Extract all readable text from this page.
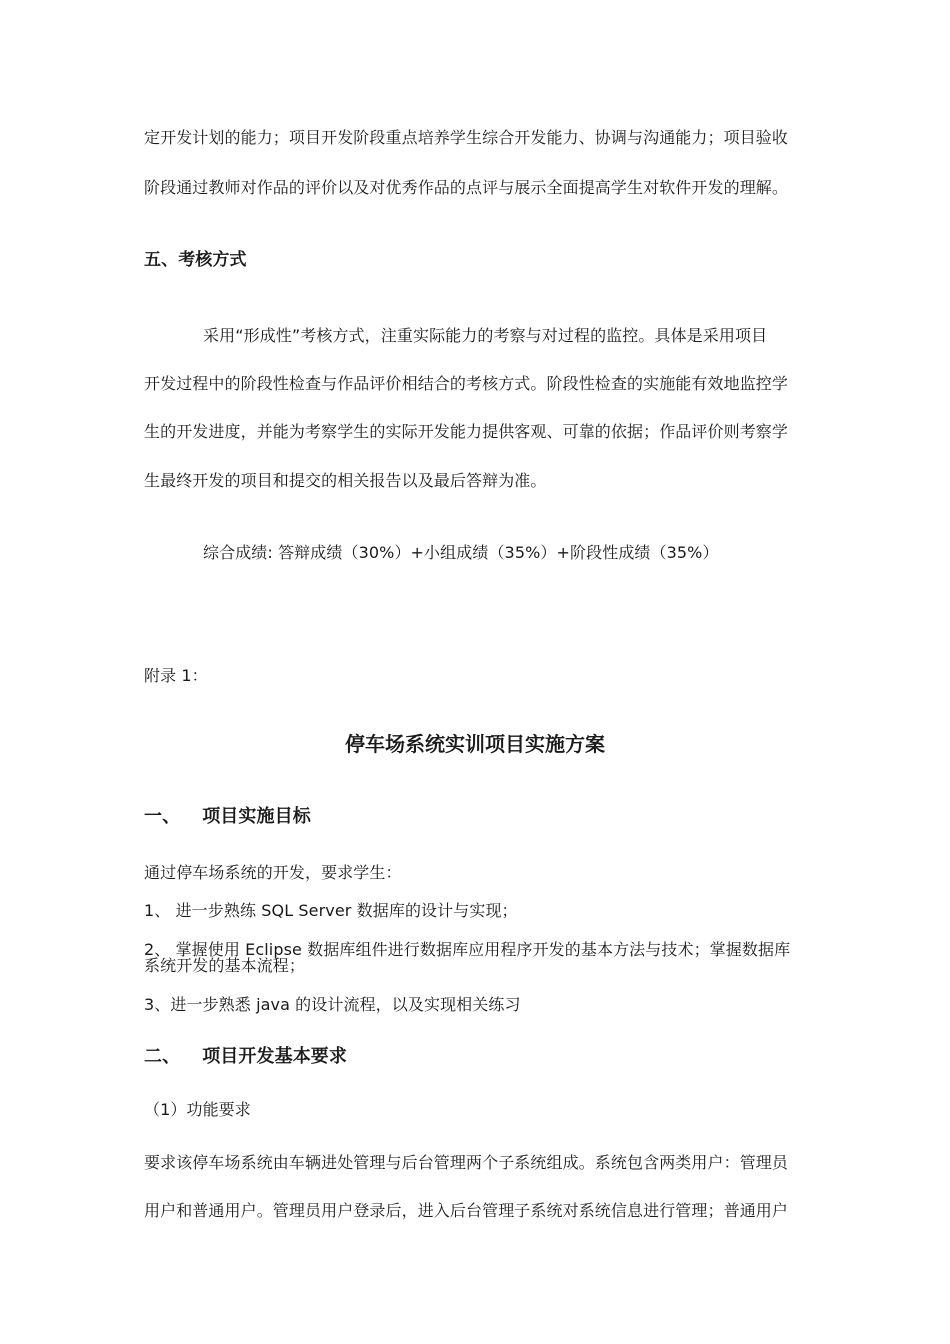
定开发计划的能力；项目开发阶段重点培养学生综合开发能力、协调与沟通能力；项目验收
阶段通过教师对作品的评价以及对优秀作品的点评与展示全面提高学生对软件开发的理解。
五、考核方式
采用“形成性”考核方式，注重实际能力的考察与对过程的监控。具体是采用项目
开发过程中的阶段性检查与作品评价相结合的考核方式。阶段性检查的实施能有效地监控学
生的开发进度，并能为考察学生的实际开发能力提供客观、可靠的依据；作品评价则考察学
生最终开发的项目和提交的相关报告以及最后答辩为准。
综合成绩: 答辩成绩（30%）+小组成绩（35%）+阶段性成绩（35%）
附录 1：
停车场系统实训项目实施方案
一、 项目实施目标
通过停车场系统的开发，要求学生：
1、 进一步熟练 SQL Server 数据库的设计与实现；
2、 掌握使用 Eclipse 数据库组件进行数据库应用程序开发的基本方法与技术；掌握数据库
系统开发的基本流程；
3、进一步熟悉 java 的设计流程，以及实现相关练习
二、 项目开发基本要求
（1）功能要求
要求该停车场系统由车辆进处管理与后台管理两个子系统组成。系统包含两类用户：管理员
用户和普通用户。管理员用户登录后，进入后台管理子系统对系统信息进行管理；普通用户
